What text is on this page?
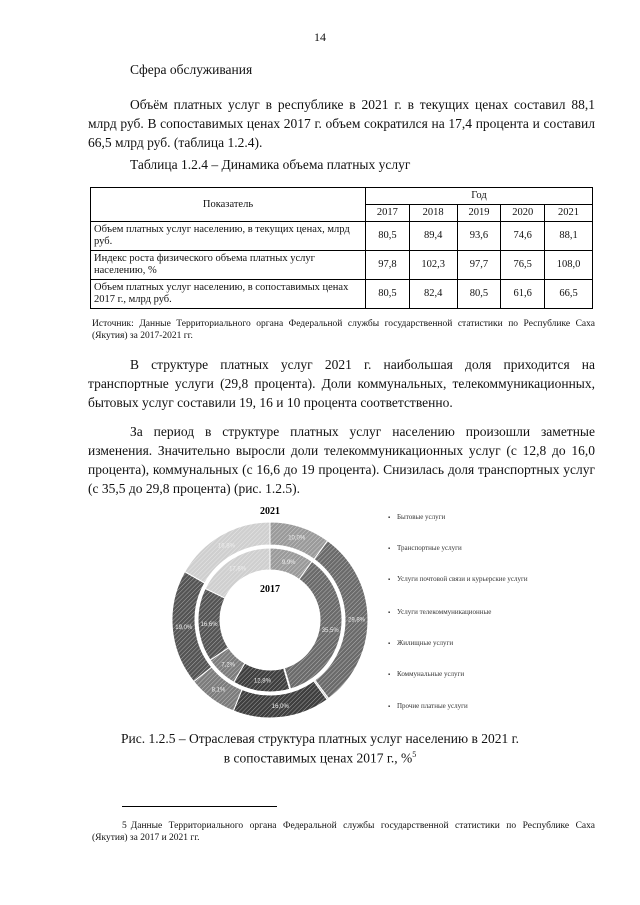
14
Сфера обслуживания

Объём платных услуг в республике в 2021 г. в текущих ценах составил 88,1 млрд руб. В сопоставимых ценах 2017 г. объем сократился на 17,4 процента и составил 66,5 млрд руб. (таблица 1.2.4).

Таблица 1.2.4 – Динамика объема платных услуг
Показатель	Год				
	2017	2018	2019	2020	2021
Объем платных услуг населению, в текущих ценах, млрд руб.	80,5	89,4	93,6	74,6	88,1
Индекс роста физического объема платных услуг населению, %	97,8	102,3	97,7	76,5	108,0
Объем платных услуг населению, в сопоставимых ценах 2017 г., млрд руб.	80,5	82,4	80,5	61,6	66,5
Источник: Данные Территориального органа Федеральной службы государственной статистики по Республике Саха (Якутия) за 2017-2021 гг.

В структуре платных услуг 2021 г. наибольшая доля приходится на транспортные услуги (29,8 процента). Доли коммунальных, телекоммуникационных, бытовых услуг составили 19, 16 и 10 процента соответственно.

За период в структуре платных услуг населению произошли заметные изменения. Значительно выросли доли телекоммуникационных услуг (с 12,8 до 16,0 процента), коммунальных (с 16,6 до 19 процента). Снизилась доля транспортных услуг (с 35,5 до 29,8 процента) (рис. 1.2.5).

2021
10,0%
29,8%
16,0%
8,1%
19,0%
16,8%
9,9%
35,5%
12,8%
7,2%
16,6%
17,8%
2017
▪ Бытовые услуги
▪ Транспортные услуги
▪ Услуги почтовой связи и курьерские услуги
▪ Услуги телекоммуникационные
▪ Жилищные услуги
▪ Коммунальные услуги
▪ Прочие платные услуги
Рис. 1.2.5 – Отраслевая структура платных услуг населению в 2021 г.
в сопоставимых ценах 2017 г., %$^5$
5 Данные Территориального органа Федеральной службы государственной статистики по Республике Саха (Якутия) за 2017 и 2021 гг.
